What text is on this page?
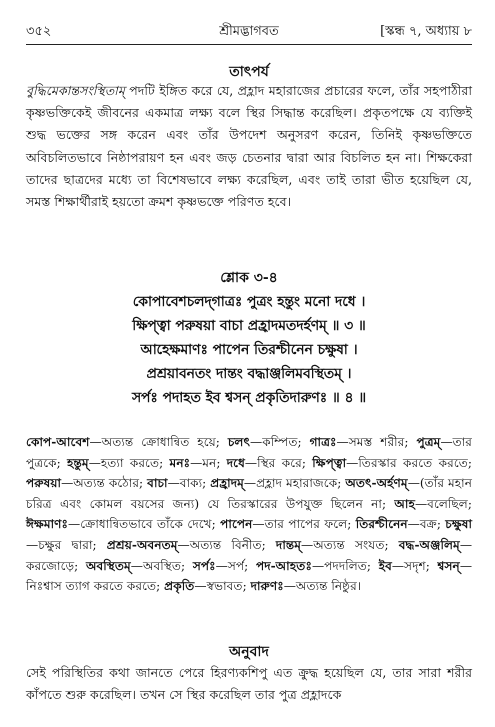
৩৫২	শ্রীমদ্ভাগবত	[স্কন্ধ ৭, অধ্যায় ৮
তাৎপর্য

বুদ্ধিমেকান্তসংস্থিতাম্ পদটি ইঙ্গিত করে যে, প্রহ্লাদ মহারাজের প্রচারের ফলে, তাঁর সহপাঠীরা কৃষ্ণভক্তিকেই জীবনের একমাত্র লক্ষ্য বলে স্থির সিদ্ধান্ত করেছিল। প্রকৃতপক্ষে যে ব্যক্তিই শুদ্ধ ভক্তের সঙ্গ করেন এবং তাঁর উপদেশ অনুসরণ করেন, তিনিই কৃষ্ণভক্তিতে অবিচলিতভাবে নিষ্ঠাপরায়ণ হন এবং জড় চেতনার দ্বারা আর বিচলিত হন না। শিক্ষকেরা তাদের ছাত্রদের মধ্যে তা বিশেষভাবে লক্ষ্য করেছিল, এবং তাই তারা ভীত হয়েছিল যে, সমস্ত শিক্ষার্থীরাই হয়তো ক্রমশ কৃষ্ণভক্তে পরিণত হবে।

শ্লোক ৩-৪
কোপাবেশচলদ্‌গাত্রঃ পুত্রং হন্তুং মনো দধে ।
ক্ষিপ্ত্বা পরুষয়া বাচা প্রহ্রাদমতদর্হণম্ ॥ ৩ ॥
আহেক্ষমাণঃ পাপেন তিরশ্চীনেন চক্ষুষা ।
প্রশ্রয়াবনতং দান্তং বদ্ধাঞ্জলিমবস্থিতম্ ।
সর্পঃ পদাহত ইব শ্বসন্ প্রকৃতিদারুণঃ ॥ ৪ ॥

কোপ-আবেশ—অত্যন্ত ক্রোধান্বিত হয়ে; চলৎ—কম্পিত; গাত্রঃ—সমস্ত শরীর; পুত্রম্—তার পুত্রকে; হন্তুম্—হত্যা করতে; মনঃ—মন; দধে—স্থির করে; ক্ষিপ্ত্বা—তিরস্কার করতে করতে; পরুষয়া—অত্যন্ত কঠোর; বাচা—বাক্য; প্রহ্রাদম্—প্রহ্লাদ মহারাজকে; অতৎ-অর্হণম্—(তাঁর মহান চরিত্র এবং কোমল বয়সের জন্য) যে তিরস্কারের উপযুক্ত ছিলেন না; আহ—বলেছিল; ঈক্ষমাণঃ—ক্রোধান্বিতভাবে তাঁকে দেখে; পাপেন—তার পাপের ফলে; তিরশ্চীনেন—বক্র; চক্ষুষা—চক্ষুর দ্বারা; প্রশ্রয়-অবনতম্—অত্যন্ত বিনীত; দান্তম্—অত্যন্ত সংযত; বদ্ধ-অঞ্জলিম্—করজোড়ে; অবস্থিতম্—অবস্থিত; সর্পঃ—সর্প; পদ-আহতঃ—পদদলিত; ইব—সদৃশ; শ্বসন্—নিঃশ্বাস ত্যাগ করতে করতে; প্রকৃতি—স্বভাবত; দারুণঃ—অত্যন্ত নিষ্ঠুর।

অনুবাদ

সেই পরিস্থিতির কথা জানতে পেরে হিরণ্যকশিপু এত ক্রুদ্ধ হয়েছিল যে, তার সারা শরীর কাঁপতে শুরু করেছিল। তখন সে স্থির করেছিল তার পুত্র প্রহ্লাদকে
